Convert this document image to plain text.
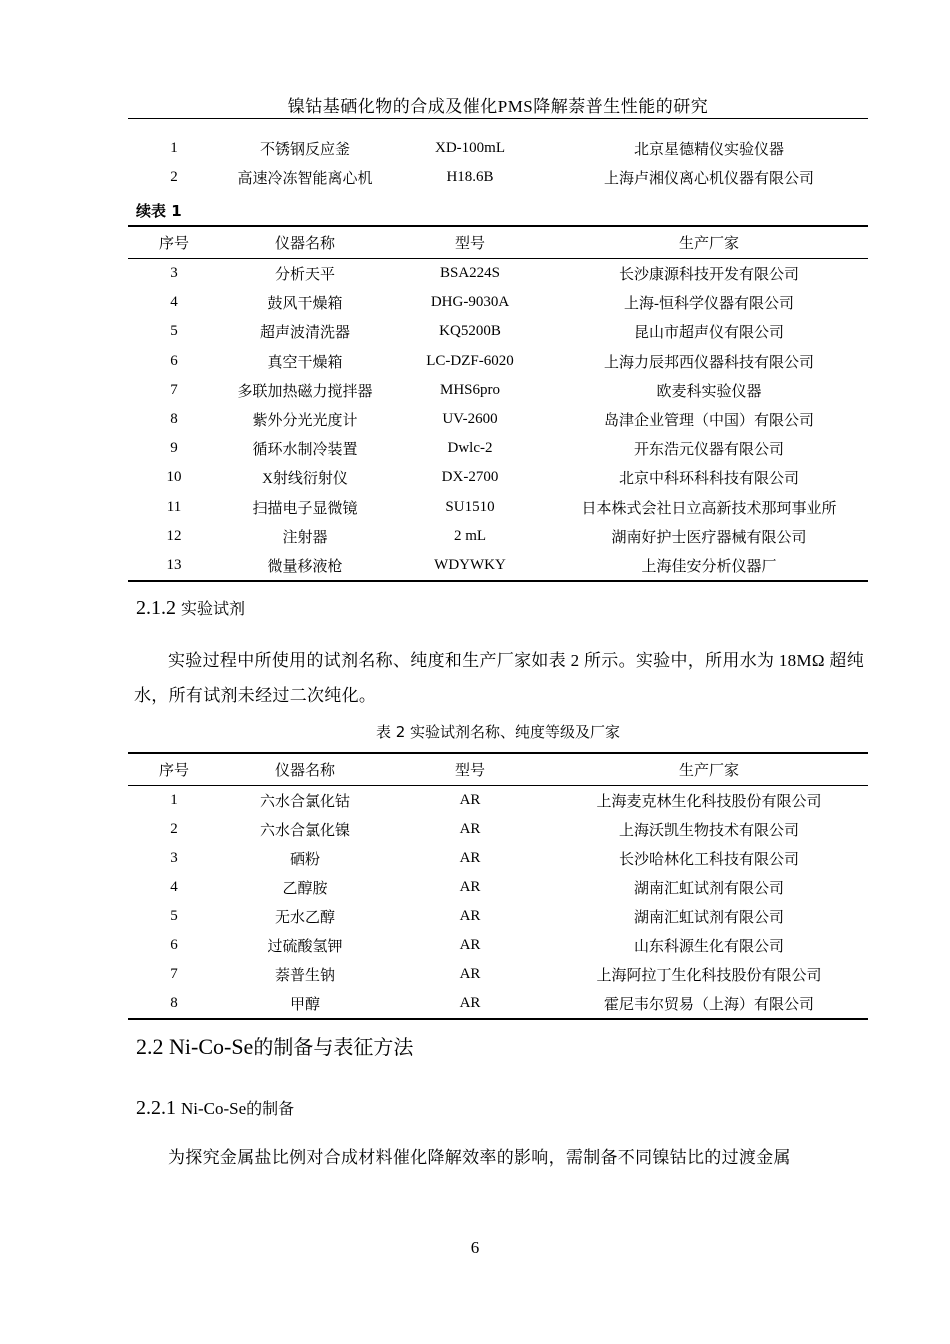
镍钴基硒化物的合成及催化PMS降解萘普生性能的研究
1	不锈钢反应釜	XD-100mL	北京星德精仪实验仪器
2	高速冷冻智能离心机	H18.6B	上海卢湘仪离心机仪器有限公司
续表 1
序号	仪器名称	型号	生产厂家
3	分析天平	BSA224S	长沙康源科技开发有限公司
4	鼓风干燥箱	DHG-9030A	上海-恒科学仪器有限公司
5	超声波清洗器	KQ5200B	昆山市超声仪有限公司
6	真空干燥箱	LC-DZF-6020	上海力辰邦西仪器科技有限公司
7	多联加热磁力搅拌器	MHS6pro	欧麦科实验仪器
8	紫外分光光度计	UV-2600	岛津企业管理（中国）有限公司
9	循环水制冷装置	Dwlc-2	开东浩元仪器有限公司
10	X射线衍射仪	DX-2700	北京中科环科科技有限公司
11	扫描电子显微镜	SU1510	日本株式会社日立高新技术那珂事业所
12	注射器	2 mL	湖南好护士医疗器械有限公司
13	微量移液枪	WDYWKY	上海佳安分析仪器厂
2.1.2 实验试剂
实验过程中所使用的试剂名称、纯度和生产厂家如表 2 所示。实验中，所用水为 18MΩ 超纯水，所有试剂未经过二次纯化。
表 2 实验试剂名称、纯度等级及厂家
序号	仪器名称	型号	生产厂家
1	六水合氯化钴	AR	上海麦克林生化科技股份有限公司
2	六水合氯化镍	AR	上海沃凯生物技术有限公司
3	硒粉	AR	长沙哈林化工科技有限公司
4	乙醇胺	AR	湖南汇虹试剂有限公司
5	无水乙醇	AR	湖南汇虹试剂有限公司
6	过硫酸氢钾	AR	山东科源生化有限公司
7	萘普生钠	AR	上海阿拉丁生化科技股份有限公司
8	甲醇	AR	霍尼韦尔贸易（上海）有限公司
2.2 Ni-Co-Se的制备与表征方法
2.2.1 Ni-Co-Se的制备
为探究金属盐比例对合成材料催化降解效率的影响，需制备不同镍钴比的过渡金属
6
